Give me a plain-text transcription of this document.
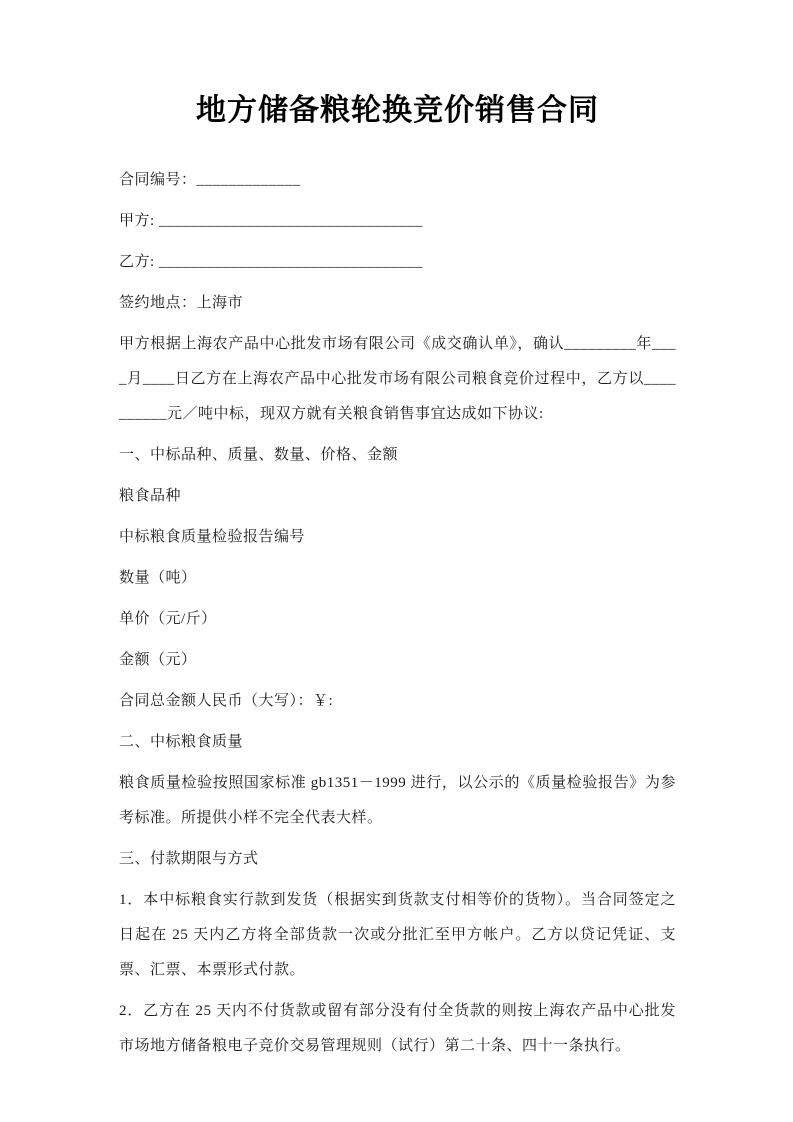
地方储备粮轮换竞价销售合同

合同编号：_____________

甲方: _________________________________

乙方: _________________________________

签约地点：上海市

甲方根据上海农产品中心批发市场有限公司《成交确认单》，确认_________年____月____日乙方在上海农产品中心批发市场有限公司粮食竞价过程中，乙方以__________元／吨中标，现双方就有关粮食销售事宜达成如下协议:

一、中标品种、质量、数量、价格、金额

粮食品种

中标粮食质量检验报告编号

数量（吨）

单价（元/斤）

金额（元）

合同总金额人民币（大写）：￥:

二、中标粮食质量

粮食质量检验按照国家标准 gb1351－1999 进行，以公示的《质量检验报告》为参考标准。所提供小样不完全代表大样。

三、付款期限与方式

1．本中标粮食实行款到发货（根据实到货款支付相等价的货物）。当合同签定之日起在 25 天内乙方将全部货款一次或分批汇至甲方帐户。乙方以贷记凭证、支票、汇票、本票形式付款。

2．乙方在 25 天内不付货款或留有部分没有付全货款的则按上海农产品中心批发市场地方储备粮电子竞价交易管理规则（试行）第二十条、四十一条执行。
